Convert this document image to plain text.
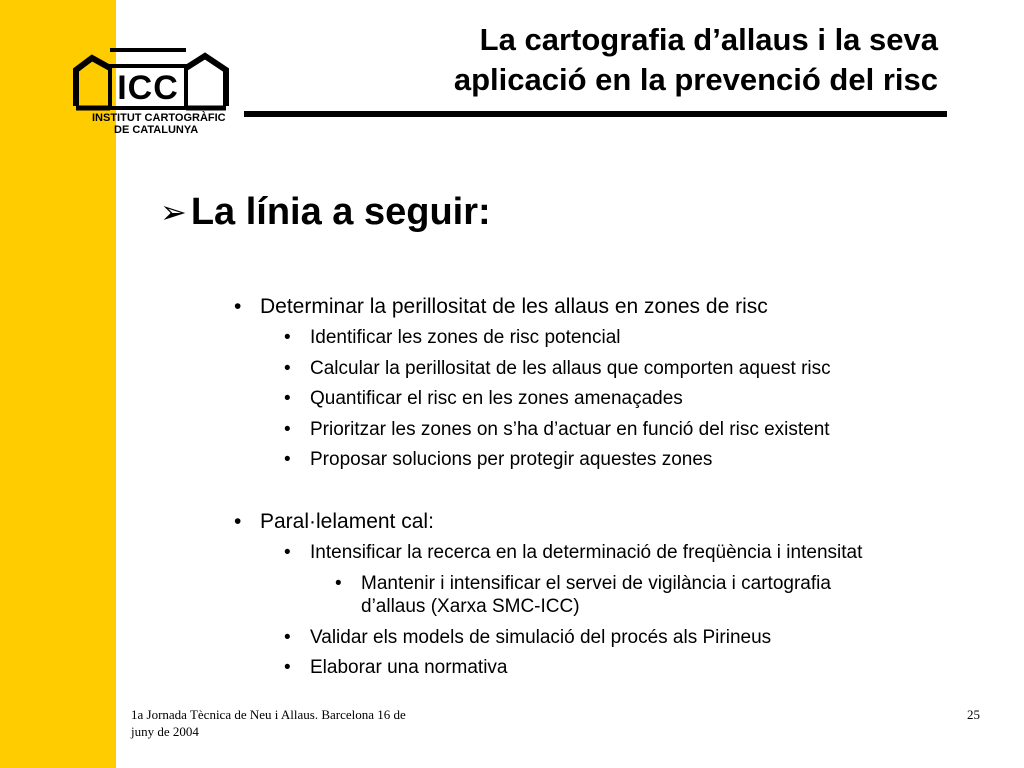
ICC
INSTITUT CARTOGRÀFIC
DE CATALUNYA
La cartografia d’allaus i la seva
aplicació en la prevenció del risc
➢ La línia a seguir:
• Determinar la perillositat de les allaus en zones de risc
• Identificar les zones de risc potencial
• Calcular la perillositat de les allaus que comporten aquest risc
• Quantificar el risc en les zones amenaçades
• Prioritzar les zones on s’ha d’actuar en funció del risc existent
• Proposar solucions per protegir aquestes zones
• Paral·lelament cal:
• Intensificar la recerca en la determinació de freqüència i intensitat
• Mantenir i intensificar el servei de vigilància i cartografia
d’allaus (Xarxa SMC-ICC)
• Validar els models de simulació del procés als Pirineus
• Elaborar una normativa
1a Jornada Tècnica de Neu i Allaus. Barcelona 16 de
juny de 2004
25
